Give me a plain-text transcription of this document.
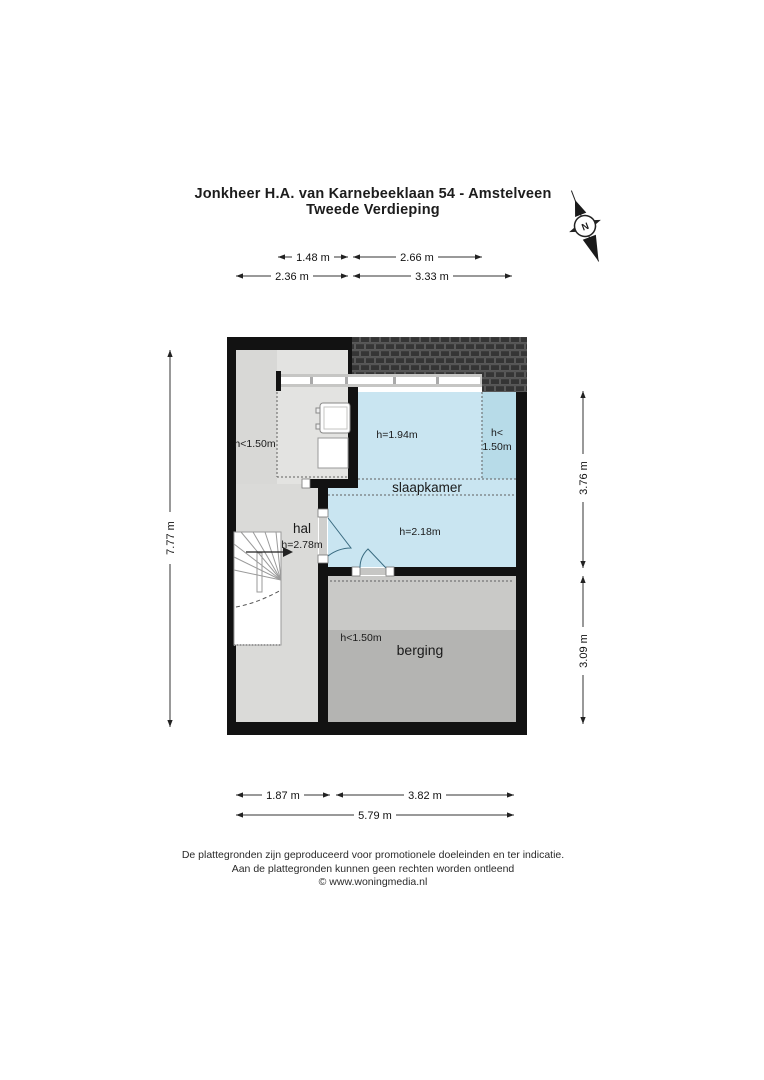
Jonkheer H.A. van Karnebeeklaan 54 - Amstelveen
Tweede Verdieping
h<1.50m
h=1.94m	h<
1.50m
slaapkamer
hal
h=2.78m
h=2.18m
h<1.50m
berging
1.48 m	2.66 m
2.36 m	3.33 m
1.87 m	3.82 m
5.79 m
7.77 m
3.76 m
3.09 m
N
De plattegronden zijn geproduceerd voor promotionele doeleinden en ter indicatie.
Aan de plattegronden kunnen geen rechten worden ontleend
© www.woningmedia.nl
